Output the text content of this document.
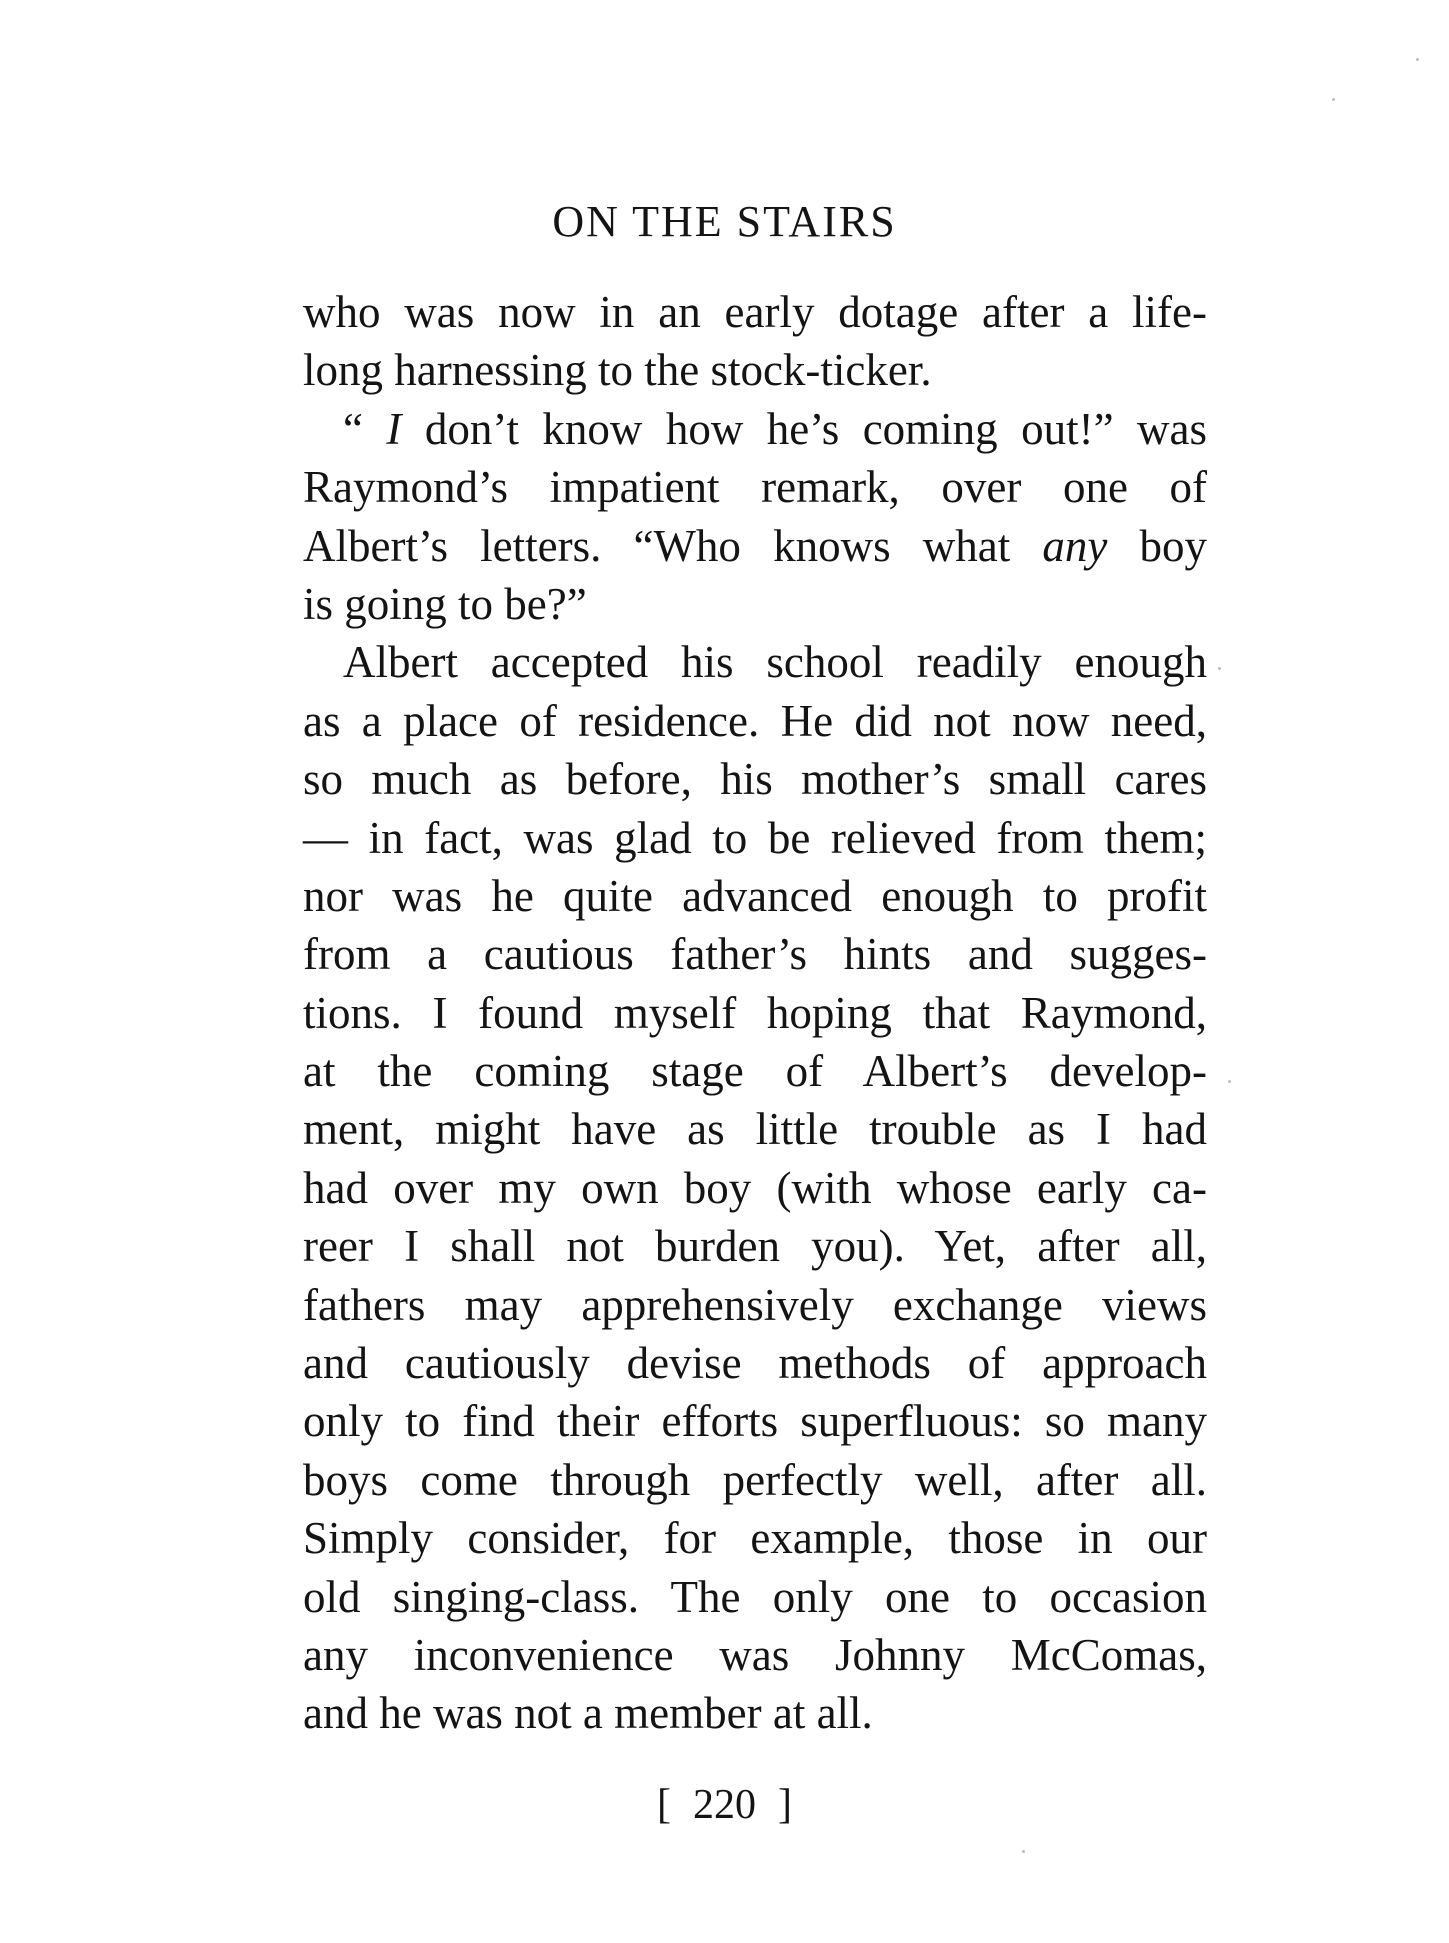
ON THE STAIRS
who was now in an early dotage after a life-
long harnessing to the stock-ticker.
“ I don’t know how he’s coming out!” was
Raymond’s impatient remark, over one of
Albert’s letters. “Who knows what any boy
is going to be?”
Albert accepted his school readily enough
as a place of residence. He did not now need,
so much as before, his mother’s small cares
— in fact, was glad to be relieved from them;
nor was he quite advanced enough to profit
from a cautious father’s hints and sugges-
tions. I found myself hoping that Raymond,
at the coming stage of Albert’s develop-
ment, might have as little trouble as I had
had over my own boy (with whose early ca-
reer I shall not burden you). Yet, after all,
fathers may apprehensively exchange views
and cautiously devise methods of approach
only to find their efforts superfluous: so many
boys come through perfectly well, after all.
Simply consider, for example, those in our
old singing-class. The only one to occasion
any inconvenience was Johnny McComas,
and he was not a member at all.
[ 220 ]
